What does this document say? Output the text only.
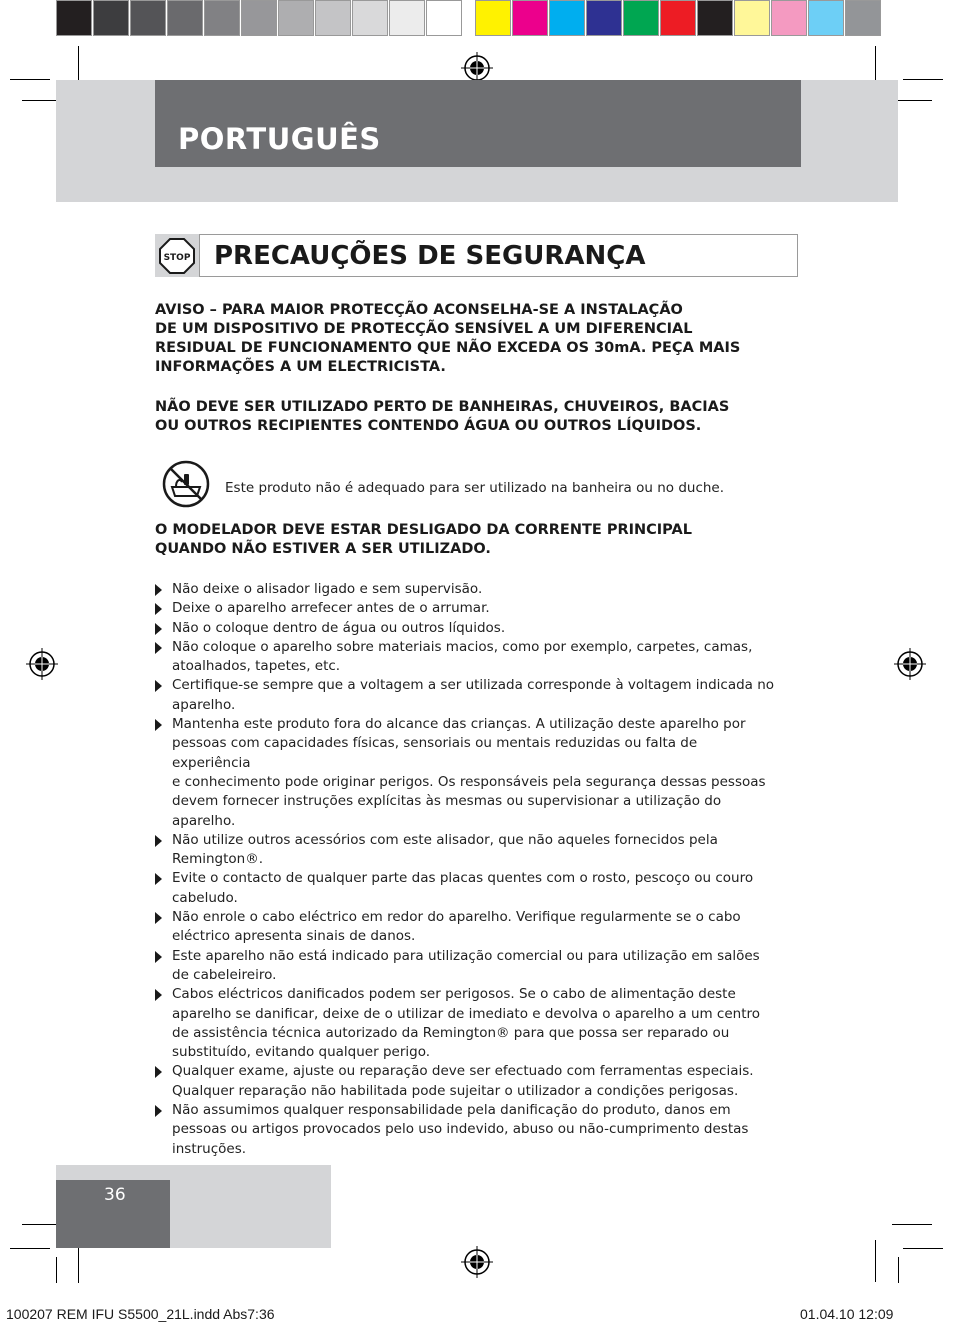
PORTUGUÊS
STOP PRECAUÇÕES DE SEGURANÇA
AVISO – PARA MAIOR PROTECÇÃO ACONSELHA-SE A INSTALAÇÃO
DE UM DISPOSITIVO DE PROTECÇÃO SENSÍVEL A UM DIFERENCIAL
RESIDUAL DE FUNCIONAMENTO QUE NÃO EXCEDA OS 30mA. PEÇA MAIS
INFORMAÇÕES A UM ELECTRICISTA.
NÃO DEVE SER UTILIZADO PERTO DE BANHEIRAS, CHUVEIROS, BACIAS
OU OUTROS RECIPIENTES CONTENDO ÁGUA OU OUTROS LÍQUIDOS.
Este produto não é adequado para ser utilizado na banheira ou no duche.
O MODELADOR DEVE ESTAR DESLIGADO DA CORRENTE PRINCIPAL
QUANDO NÃO ESTIVER A SER UTILIZADO.
Não deixe o alisador ligado e sem supervisão.
Deixe o aparelho arrefecer antes de o arrumar.
Não o coloque dentro de água ou outros líquidos.
Não coloque o aparelho sobre materiais macios, como por exemplo, carpetes, camas,
atoalhados, tapetes, etc.
Certifique-se sempre que a voltagem a ser utilizada corresponde à voltagem indicada no
aparelho.
Mantenha este produto fora do alcance das crianças. A utilização deste aparelho por
pessoas com capacidades físicas, sensoriais ou mentais reduzidas ou falta de experiência
e conhecimento pode originar perigos. Os responsáveis pela segurança dessas pessoas
devem fornecer instruções explícitas às mesmas ou supervisionar a utilização do
aparelho.
Não utilize outros acessórios com este alisador, que não aqueles fornecidos pela
Remington®.
Evite o contacto de qualquer parte das placas quentes com o rosto, pescoço ou couro
cabeludo.
Não enrole o cabo eléctrico em redor do aparelho. Verifique regularmente se o cabo
eléctrico apresenta sinais de danos.
Este aparelho não está indicado para utilização comercial ou para utilização em salões
de cabeleireiro.
Cabos eléctricos danificados podem ser perigosos. Se o cabo de alimentação deste
aparelho se danificar, deixe de o utilizar de imediato e devolva o aparelho a um centro
de assistência técnica autorizado da Remington® para que possa ser reparado ou
substituído, evitando qualquer perigo.
Qualquer exame, ajuste ou reparação deve ser efectuado com ferramentas especiais.
Qualquer reparação não habilitada pode sujeitar o utilizador a condições perigosas.
Não assumimos qualquer responsabilidade pela danificação do produto, danos em
pessoas ou artigos provocados pelo uso indevido, abuso ou não-cumprimento destas
instruções.
36
100207 REM IFU S5500_21L.indd Abs7:36	01.04.10 12:09
